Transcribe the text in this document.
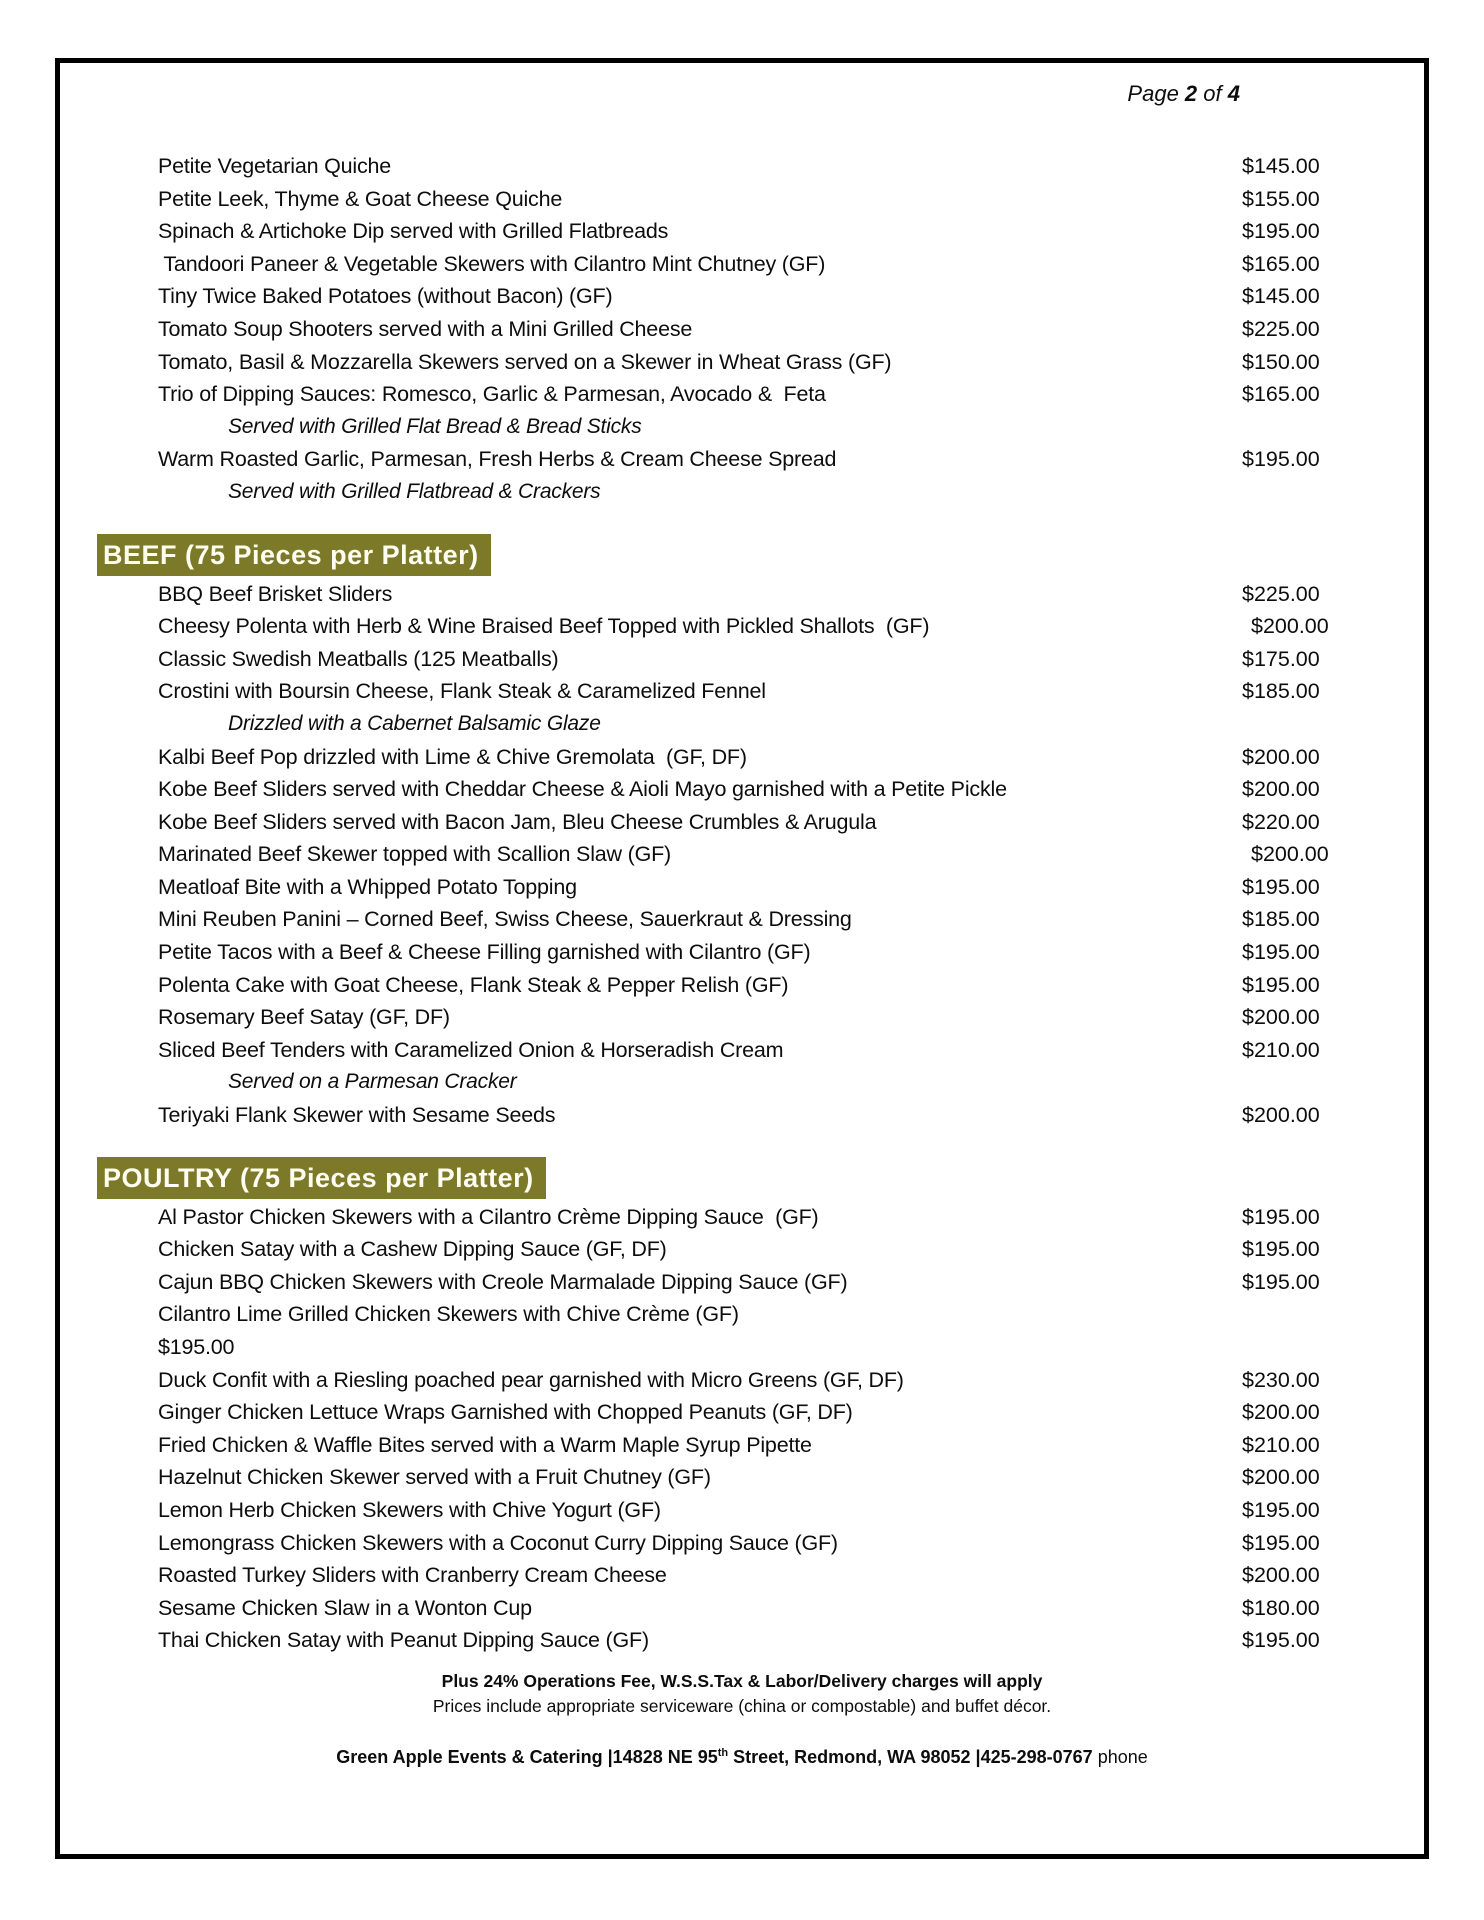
Page 2 of 4
Petite Vegetarian Quiche	$145.00
Petite Leek, Thyme & Goat Cheese Quiche	$155.00
Spinach & Artichoke Dip served with Grilled Flatbreads	$195.00
Tandoori Paneer & Vegetable Skewers with Cilantro Mint Chutney (GF)	$165.00
Tiny Twice Baked Potatoes (without Bacon) (GF)	$145.00
Tomato Soup Shooters served with a Mini Grilled Cheese	$225.00
Tomato, Basil & Mozzarella Skewers served on a Skewer in Wheat Grass (GF)	$150.00
Trio of Dipping Sauces: Romesco, Garlic & Parmesan, Avocado &  Feta	$165.00
Served with Grilled Flat Bread & Bread Sticks
Warm Roasted Garlic, Parmesan, Fresh Herbs & Cream Cheese Spread	$195.00
Served with Grilled Flatbread & Crackers
BEEF (75 Pieces per Platter)
BBQ Beef Brisket Sliders	$225.00
Cheesy Polenta with Herb & Wine Braised Beef Topped with Pickled Shallots  (GF)	$200.00
Classic Swedish Meatballs (125 Meatballs)	$175.00
Crostini with Boursin Cheese, Flank Steak & Caramelized Fennel	$185.00
Drizzled with a Cabernet Balsamic Glaze
Kalbi Beef Pop drizzled with Lime & Chive Gremolata  (GF, DF)	$200.00
Kobe Beef Sliders served with Cheddar Cheese & Aioli Mayo garnished with a Petite Pickle	$200.00
Kobe Beef Sliders served with Bacon Jam, Bleu Cheese Crumbles & Arugula	$220.00
Marinated Beef Skewer topped with Scallion Slaw (GF)	$200.00
Meatloaf Bite with a Whipped Potato Topping	$195.00
Mini Reuben Panini – Corned Beef, Swiss Cheese, Sauerkraut & Dressing	$185.00
Petite Tacos with a Beef & Cheese Filling garnished with Cilantro (GF)	$195.00
Polenta Cake with Goat Cheese, Flank Steak & Pepper Relish (GF)	$195.00
Rosemary Beef Satay (GF, DF)	$200.00
Sliced Beef Tenders with Caramelized Onion & Horseradish Cream	$210.00
Served on a Parmesan Cracker
Teriyaki Flank Skewer with Sesame Seeds	$200.00
POULTRY (75 Pieces per Platter)
Al Pastor Chicken Skewers with a Cilantro Crème Dipping Sauce  (GF)	$195.00
Chicken Satay with a Cashew Dipping Sauce (GF, DF)	$195.00
Cajun BBQ Chicken Skewers with Creole Marmalade Dipping Sauce (GF)	$195.00
Cilantro Lime Grilled Chicken Skewers with Chive Crème (GF)
$195.00
Duck Confit with a Riesling poached pear garnished with Micro Greens (GF, DF)	$230.00
Ginger Chicken Lettuce Wraps Garnished with Chopped Peanuts (GF, DF)	$200.00
Fried Chicken & Waffle Bites served with a Warm Maple Syrup Pipette	$210.00
Hazelnut Chicken Skewer served with a Fruit Chutney (GF)	$200.00
Lemon Herb Chicken Skewers with Chive Yogurt (GF)	$195.00
Lemongrass Chicken Skewers with a Coconut Curry Dipping Sauce (GF)	$195.00
Roasted Turkey Sliders with Cranberry Cream Cheese	$200.00
Sesame Chicken Slaw in a Wonton Cup	$180.00
Thai Chicken Satay with Peanut Dipping Sauce (GF)	$195.00
Plus 24% Operations Fee, W.S.S.Tax & Labor/Delivery charges will apply
Prices include appropriate serviceware (china or compostable) and buffet décor.
Green Apple Events & Catering |14828 NE 95th Street, Redmond, WA 98052 |425-298-0767 phone
